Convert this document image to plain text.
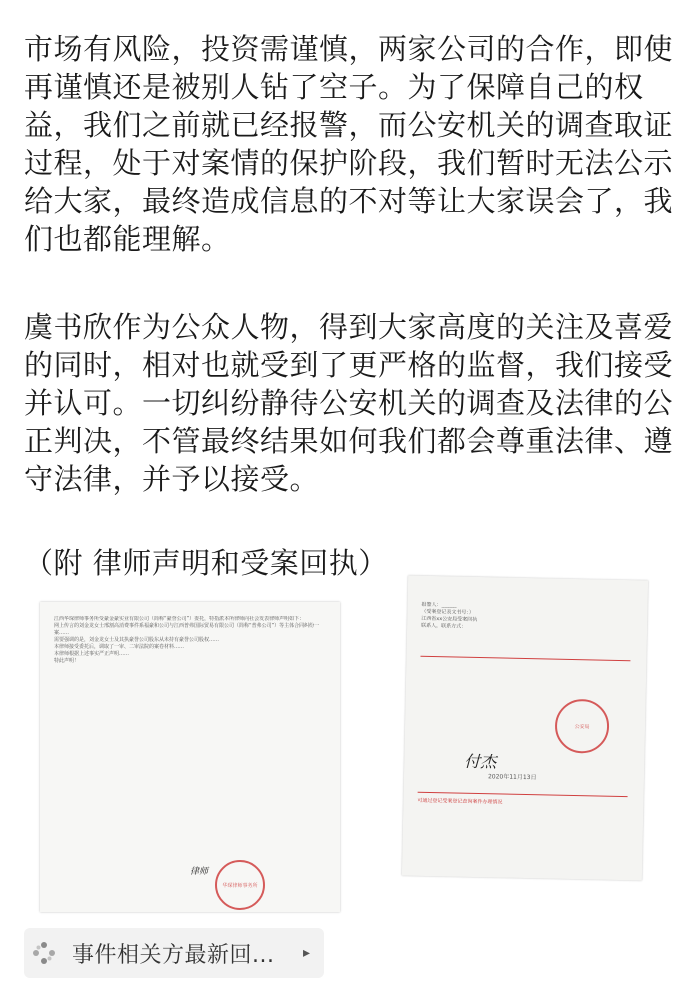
市场有风险，投资需谨慎，两家公司的合作，即使
再谨慎还是被别人钻了空子。为了保障自己的权
益，我们之前就已经报警，而公安机关的调查取证
过程，处于对案情的保护阶段，我们暂时无法公示
给大家，最终造成信息的不对等让大家误会了，我
们也都能理解。

虞书欣作为公众人物，得到大家高度的关注及喜爱
的同时，相对也就受到了更严格的监督，我们接受
并认可。一切纠纷静待公安机关的调查及法律的公
正判决，不管最终结果如何我们都会尊重法律、遵
守法律，并予以接受。

（附 律师声明和受案回执）

江西华琛律师事务所受豪金豪实业有限公司（简称“豪誉公司”）委托，特指派本所律师向社会发表律师声明如下：
网上传言的刘金龙女士邢割高消费事件系福豪和公司与江西普弗国际贸易有限公司（简称“普弗公司”）等主体合同纠纷一案……
需要强调的是，刘金龙女士及其执豪誉公司股东从未持有豪誉公司股权……
本律师接受委托后，调取了一审、二审法院的案卷材料……
本律师根据上述事实严正声明……
特此声明！
律师
华琛律师事务所
报警人：______
（受案登记表文书号：）
江西省xx公安局受案回执
联系人，联系方式：
公安局
付杰
2020年11月13日
可通过登记受案登记查询案件办理情况
事件相关方最新回... ▸
